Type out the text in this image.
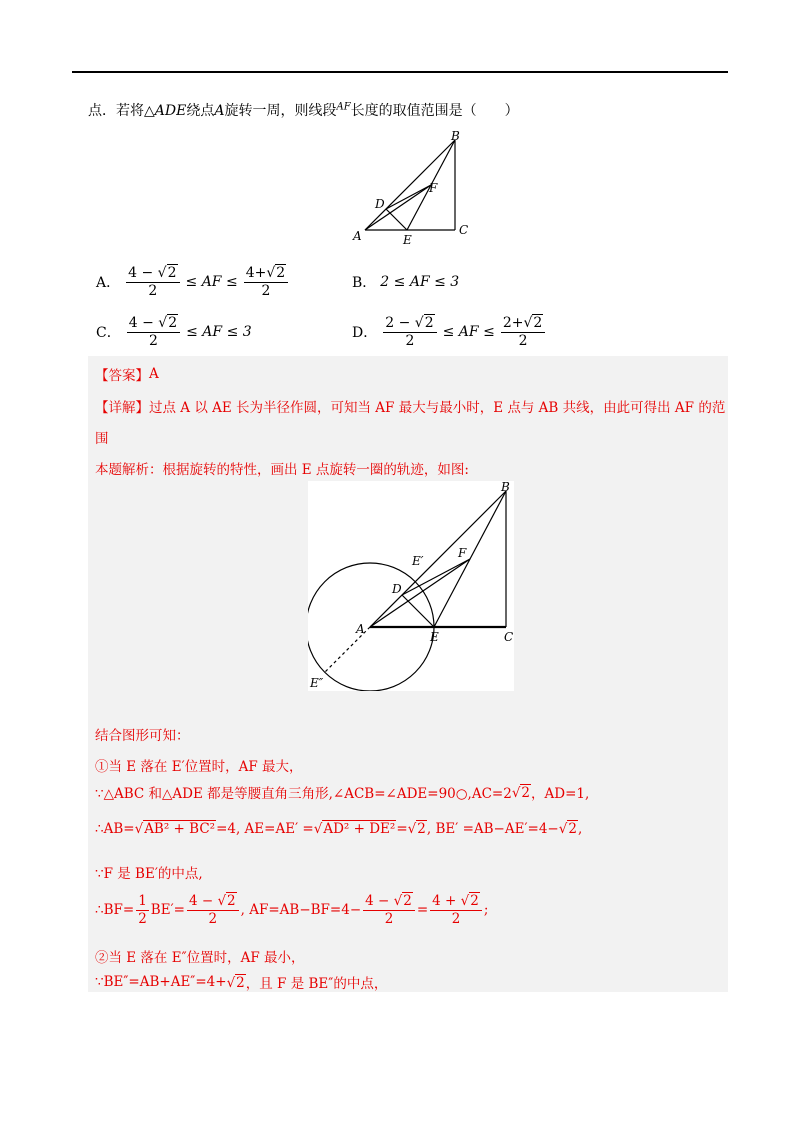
点．若将△ADE绕点A旋转一周，则线段$^{AF}$长度的取值范围是（　　）
A
B
C
D
E
F
A． $\frac{4 - √2}{2}$ ≤ AF ≤ $\frac{4+√2}{2}$	B． 2 ≤ AF ≤ 3
C． $\frac{4 - √2}{2}$ ≤ AF ≤ 3	D． $\frac{2 - √2}{2}$ ≤ AF ≤ $\frac{2+√2}{2}$
【答案】 A
【详解】 过点 A 以 AE 长为半径作圆，可知当 AF 最大与最小时，E 点与 AB 共线，由此可得出 AF 的范
围
本题解析：根据旋转的特性，画出 E 点旋转一圈的轨迹，如图:
A
B
C
D
E
F
E′
E″
结合图形可知：
①当 E 落在 E′位置时，AF 最大，
∵△ABC 和△ADE 都是等腰直角三角形,∠ACB=∠ADE=90○,AC=2 √2 ，AD=1,
∴AB= √AB² + BC² =4, AE=AE′ = √AD² + DE² = √2 , BE′ =AB−AE′=4− √2 ,
∵F 是 BE′的中点,
∴BF= $\frac{1}{2} BE'= \frac{4 - √2}{2}$ , $AF=AB-BF=4- \frac{4 - √2}{2} = \frac{4 + √2}{2}$ ;
②当 E 落在 E″位置时，AF 最小，
∵BE″=AB+AE″=4+ √2 ，且 F 是 BE″的中点，
